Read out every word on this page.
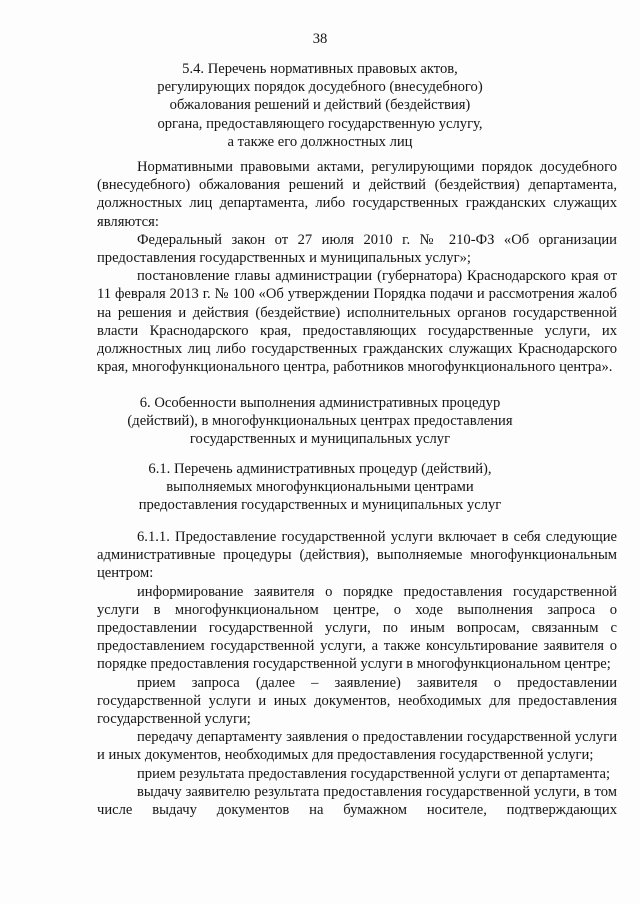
38
5.4. Перечень нормативных правовых актов,
регулирующих порядок досудебного (внесудебного)
обжалования решений и действий (бездействия)
органа, предоставляющего государственную услугу,
а также его должностных лиц

Нормативными правовыми актами, регулирующими порядок досудебного (внесудебного) обжалования решений и действий (бездействия) департамента, должностных лиц департамента, либо государственных гражданских служащих являются:

Федеральный закон от 27 июля 2010 г. № 210-ФЗ «Об организации предоставления государственных и муниципальных услуг»;

постановление главы администрации (губернатора) Краснодарского края от 11 февраля 2013 г. № 100 «Об утверждении Порядка подачи и рассмотрения жалоб на решения и действия (бездействие) исполнительных органов государственной власти Краснодарского края, предоставляющих государственные услуги, их должностных лиц либо государственных гражданских служащих Краснодарского края, многофункционального центра, работников многофункционального центра».

6. Особенности выполнения административных процедур
(действий), в многофункциональных центрах предоставления
государственных и муниципальных услуг
6.1. Перечень административных процедур (действий),
выполняемых многофункциональными центрами
предоставления государственных и муниципальных услуг

6.1.1. Предоставление государственной услуги включает в себя следующие административные процедуры (действия), выполняемые многофункциональным центром:

информирование заявителя о порядке предоставления государственной услуги в многофункциональном центре, о ходе выполнения запроса о предоставлении государственной услуги, по иным вопросам, связанным с предоставлением государственной услуги, а также консультирование заявителя о порядке предоставления государственной услуги в многофункциональном центре;

прием запроса (далее – заявление) заявителя о предоставлении государственной услуги и иных документов, необходимых для предоставления государственной услуги;

передачу департаменту заявления о предоставлении государственной услуги и иных документов, необходимых для предоставления государственной услуги;

прием результата предоставления государственной услуги от департамента;

выдачу заявителю результата предоставления государственной услуги, в том числе выдачу документов на бумажном носителе, подтверждающих
